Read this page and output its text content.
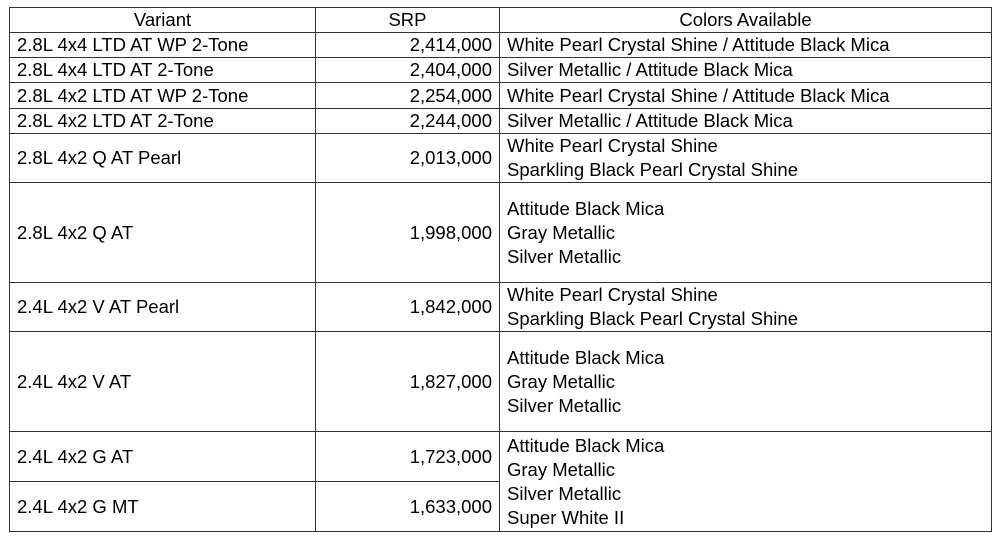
Variant	SRP	Colors Available
2.8L 4x4 LTD AT WP 2-Tone	2,414,000	White Pearl Crystal Shine / Attitude Black Mica

2.8L 4x4 LTD AT 2-Tone	2,404,000	Silver Metallic / Attitude Black Mica

2.8L 4x2 LTD AT WP 2-Tone	2,254,000	White Pearl Crystal Shine / Attitude Black Mica

2.8L 4x2 LTD AT 2-Tone	2,244,000	Silver Metallic / Attitude Black Mica

2.8L 4x2 Q AT Pearl	2,013,000	White Pearl Crystal Shine
Sparkling Black Pearl Crystal Shine

2.8L 4x2 Q AT	1,998,000	Attitude Black Mica
Gray Metallic
Silver Metallic

2.4L 4x2 V AT Pearl	1,842,000	White Pearl Crystal Shine
Sparkling Black Pearl Crystal Shine

2.4L 4x2 V AT	1,827,000	Attitude Black Mica
Gray Metallic
Silver Metallic

2.4L 4x2 G AT	1,723,000	Attitude Black Mica
Gray Metallic
Silver Metallic
Super White II

2.4L 4x2 G MT	1,633,000	
